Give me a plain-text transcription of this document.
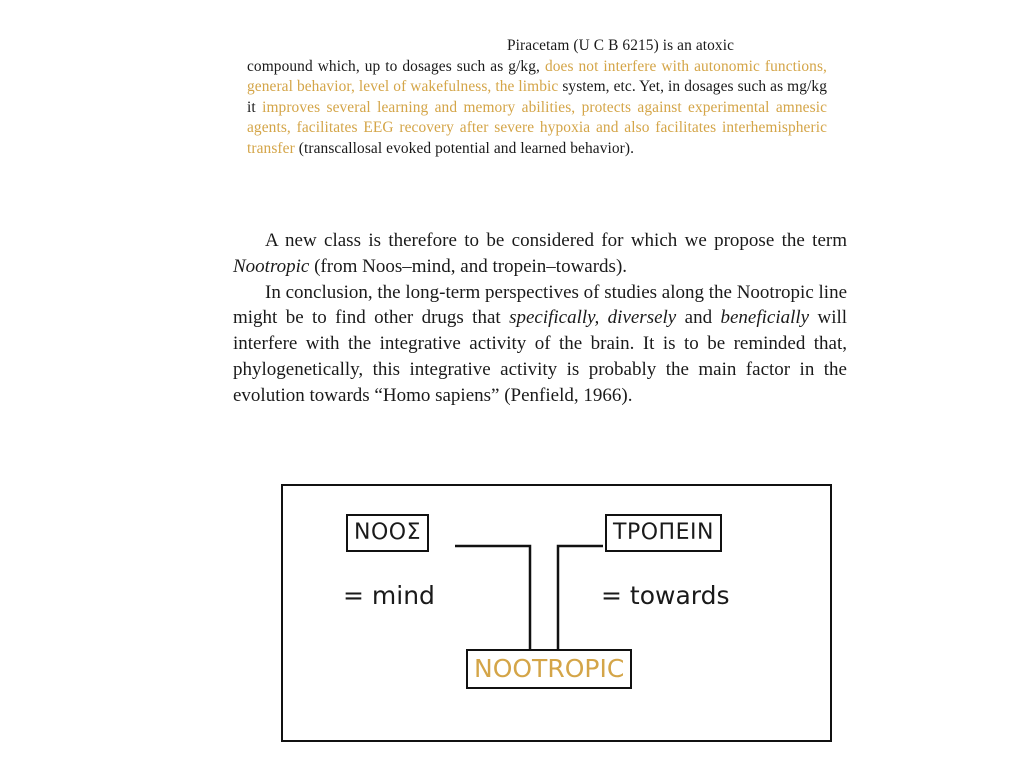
Piracetam (U C B 6215) is an atoxic
compound which, up to dosages such as g/kg, does not interfere with autonomic functions, general behavior, level of wakefulness, the limbic system, etc. Yet, in dosages such as mg/kg it improves several learning and memory abilities, protects against experimental amnesic agents, facilitates EEG recovery after severe hypoxia and also facilitates interhemispheric transfer (transcallosal evoked potential and learned behavior).

A new class is therefore to be considered for which we propose the term Nootropic (from Noos–mind, and tropein–towards).

In conclusion, the long-term perspectives of studies along the Nootropic line might be to find other drugs that specifically, diversely and beneficially will interfere with the integrative activity of the brain. It is to be reminded that, phylogenetically, this integrative activity is probably the main factor in the evolution towards “Homo sapiens” (Penfield, 1966).

ΝΟΟΣ
= mind
ΤΡΟΠΕΙΝ
= towards
NOOTROPIC
